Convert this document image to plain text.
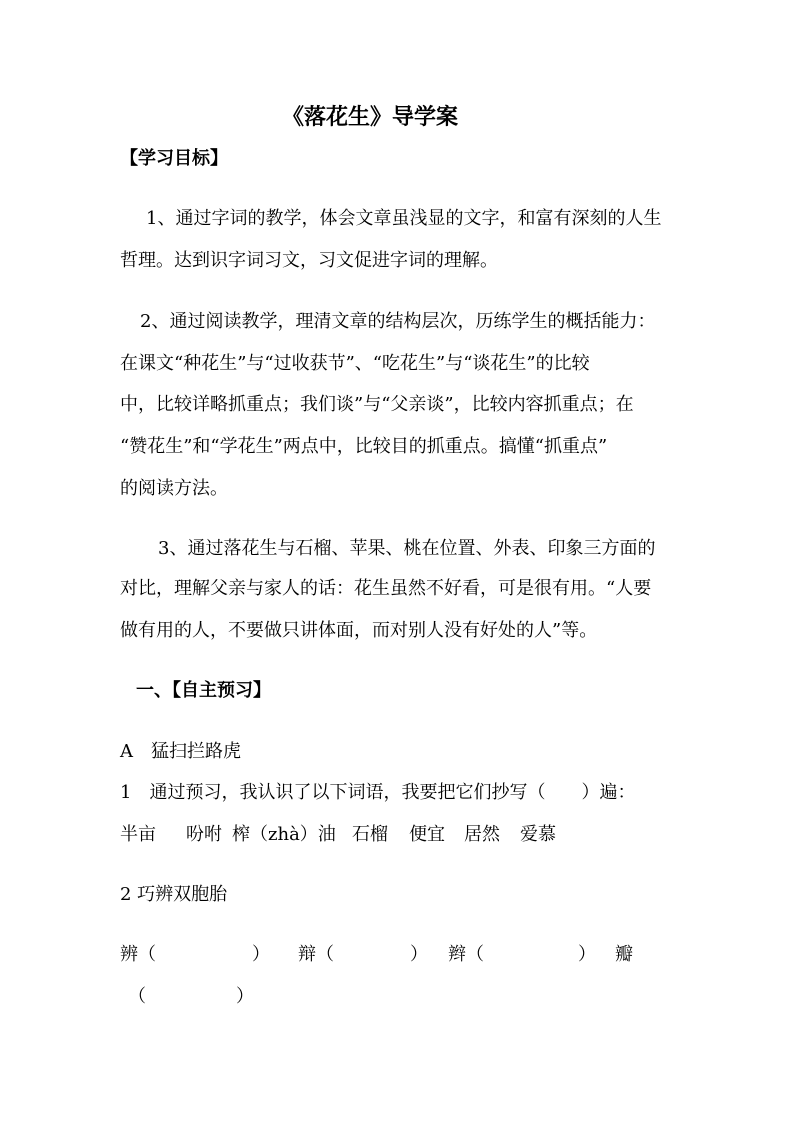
《落花生》导学案
【学习目标】
1、通过字词的教学，体会文章虽浅显的文字，和富有深刻的人生
哲理。达到识字词习文，习文促进字词的理解。
2、通过阅读教学，理清文章的结构层次，历练学生的概括能力：
在课文“种花生”与“过收获节”、“吃花生”与“谈花生”的比较
中，比较详略抓重点；我们谈”与“父亲谈”，比较内容抓重点；在
“赞花生”和“学花生”两点中，比较目的抓重点。搞懂“抓重点”
的阅读方法。
3、通过落花生与石榴、苹果、桃在位置、外表、印象三方面的
对比，理解父亲与家人的话：花生虽然不好看，可是很有用。“人要
做有用的人，不要做只讲体面，而对别人没有好处的人”等。
一、【自主预习】
A　猛扫拦路虎
1　通过预习，我认识了以下词语，我要把它们抄写（　　）遍：
半亩 吩咐 榨（zhà）油 石榴 便宜 居然 爱慕
2 巧辨双胞胎
辨（	） 辩（	） 辫（	） 瓣
（　　　　　）
